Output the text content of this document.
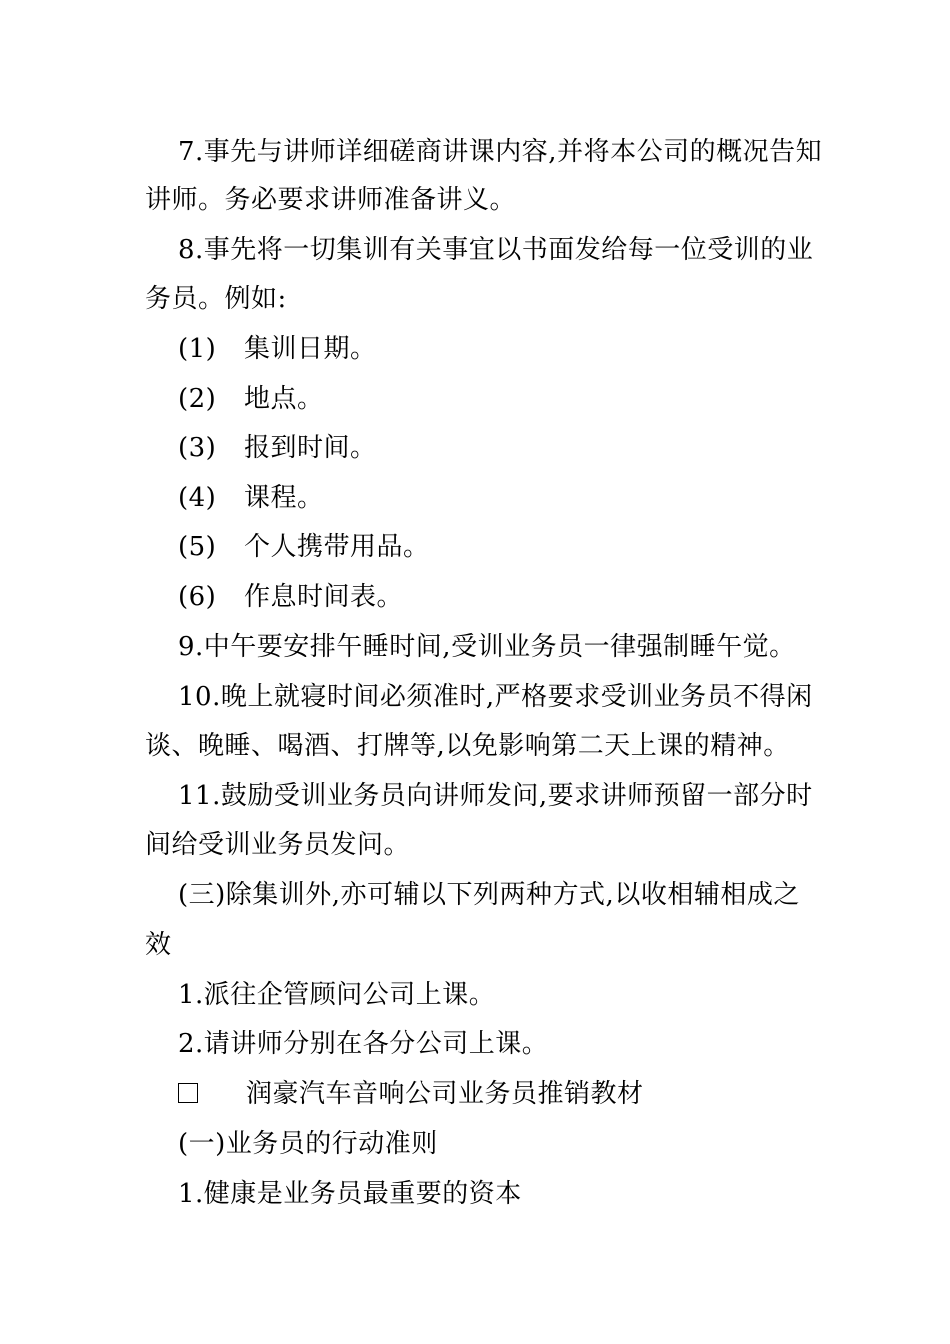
7.事先与讲师详细磋商讲课内容,并将本公司的概况告知
讲师。务必要求讲师准备讲义。
8.事先将一切集训有关事宜以书面发给每一位受训的业
务员。例如:
(1) 集训日期。
(2) 地点。
(3) 报到时间。
(4) 课程。
(5) 个人携带用品。
(6) 作息时间表。
9.中午要安排午睡时间,受训业务员一律强制睡午觉。
10.晚上就寝时间必须准时,严格要求受训业务员不得闲
谈、晚睡、喝酒、打牌等,以免影响第二天上课的精神。
11.鼓励受训业务员向讲师发问,要求讲师预留一部分时
间给受训业务员发问。
(三)除集训外,亦可辅以下列两种方式,以收相辅相成之
效
1.派往企管顾问公司上课。
2.请讲师分别在各分公司上课。
润豪汽车音响公司业务员推销教材
(一)业务员的行动准则
1.健康是业务员最重要的资本
